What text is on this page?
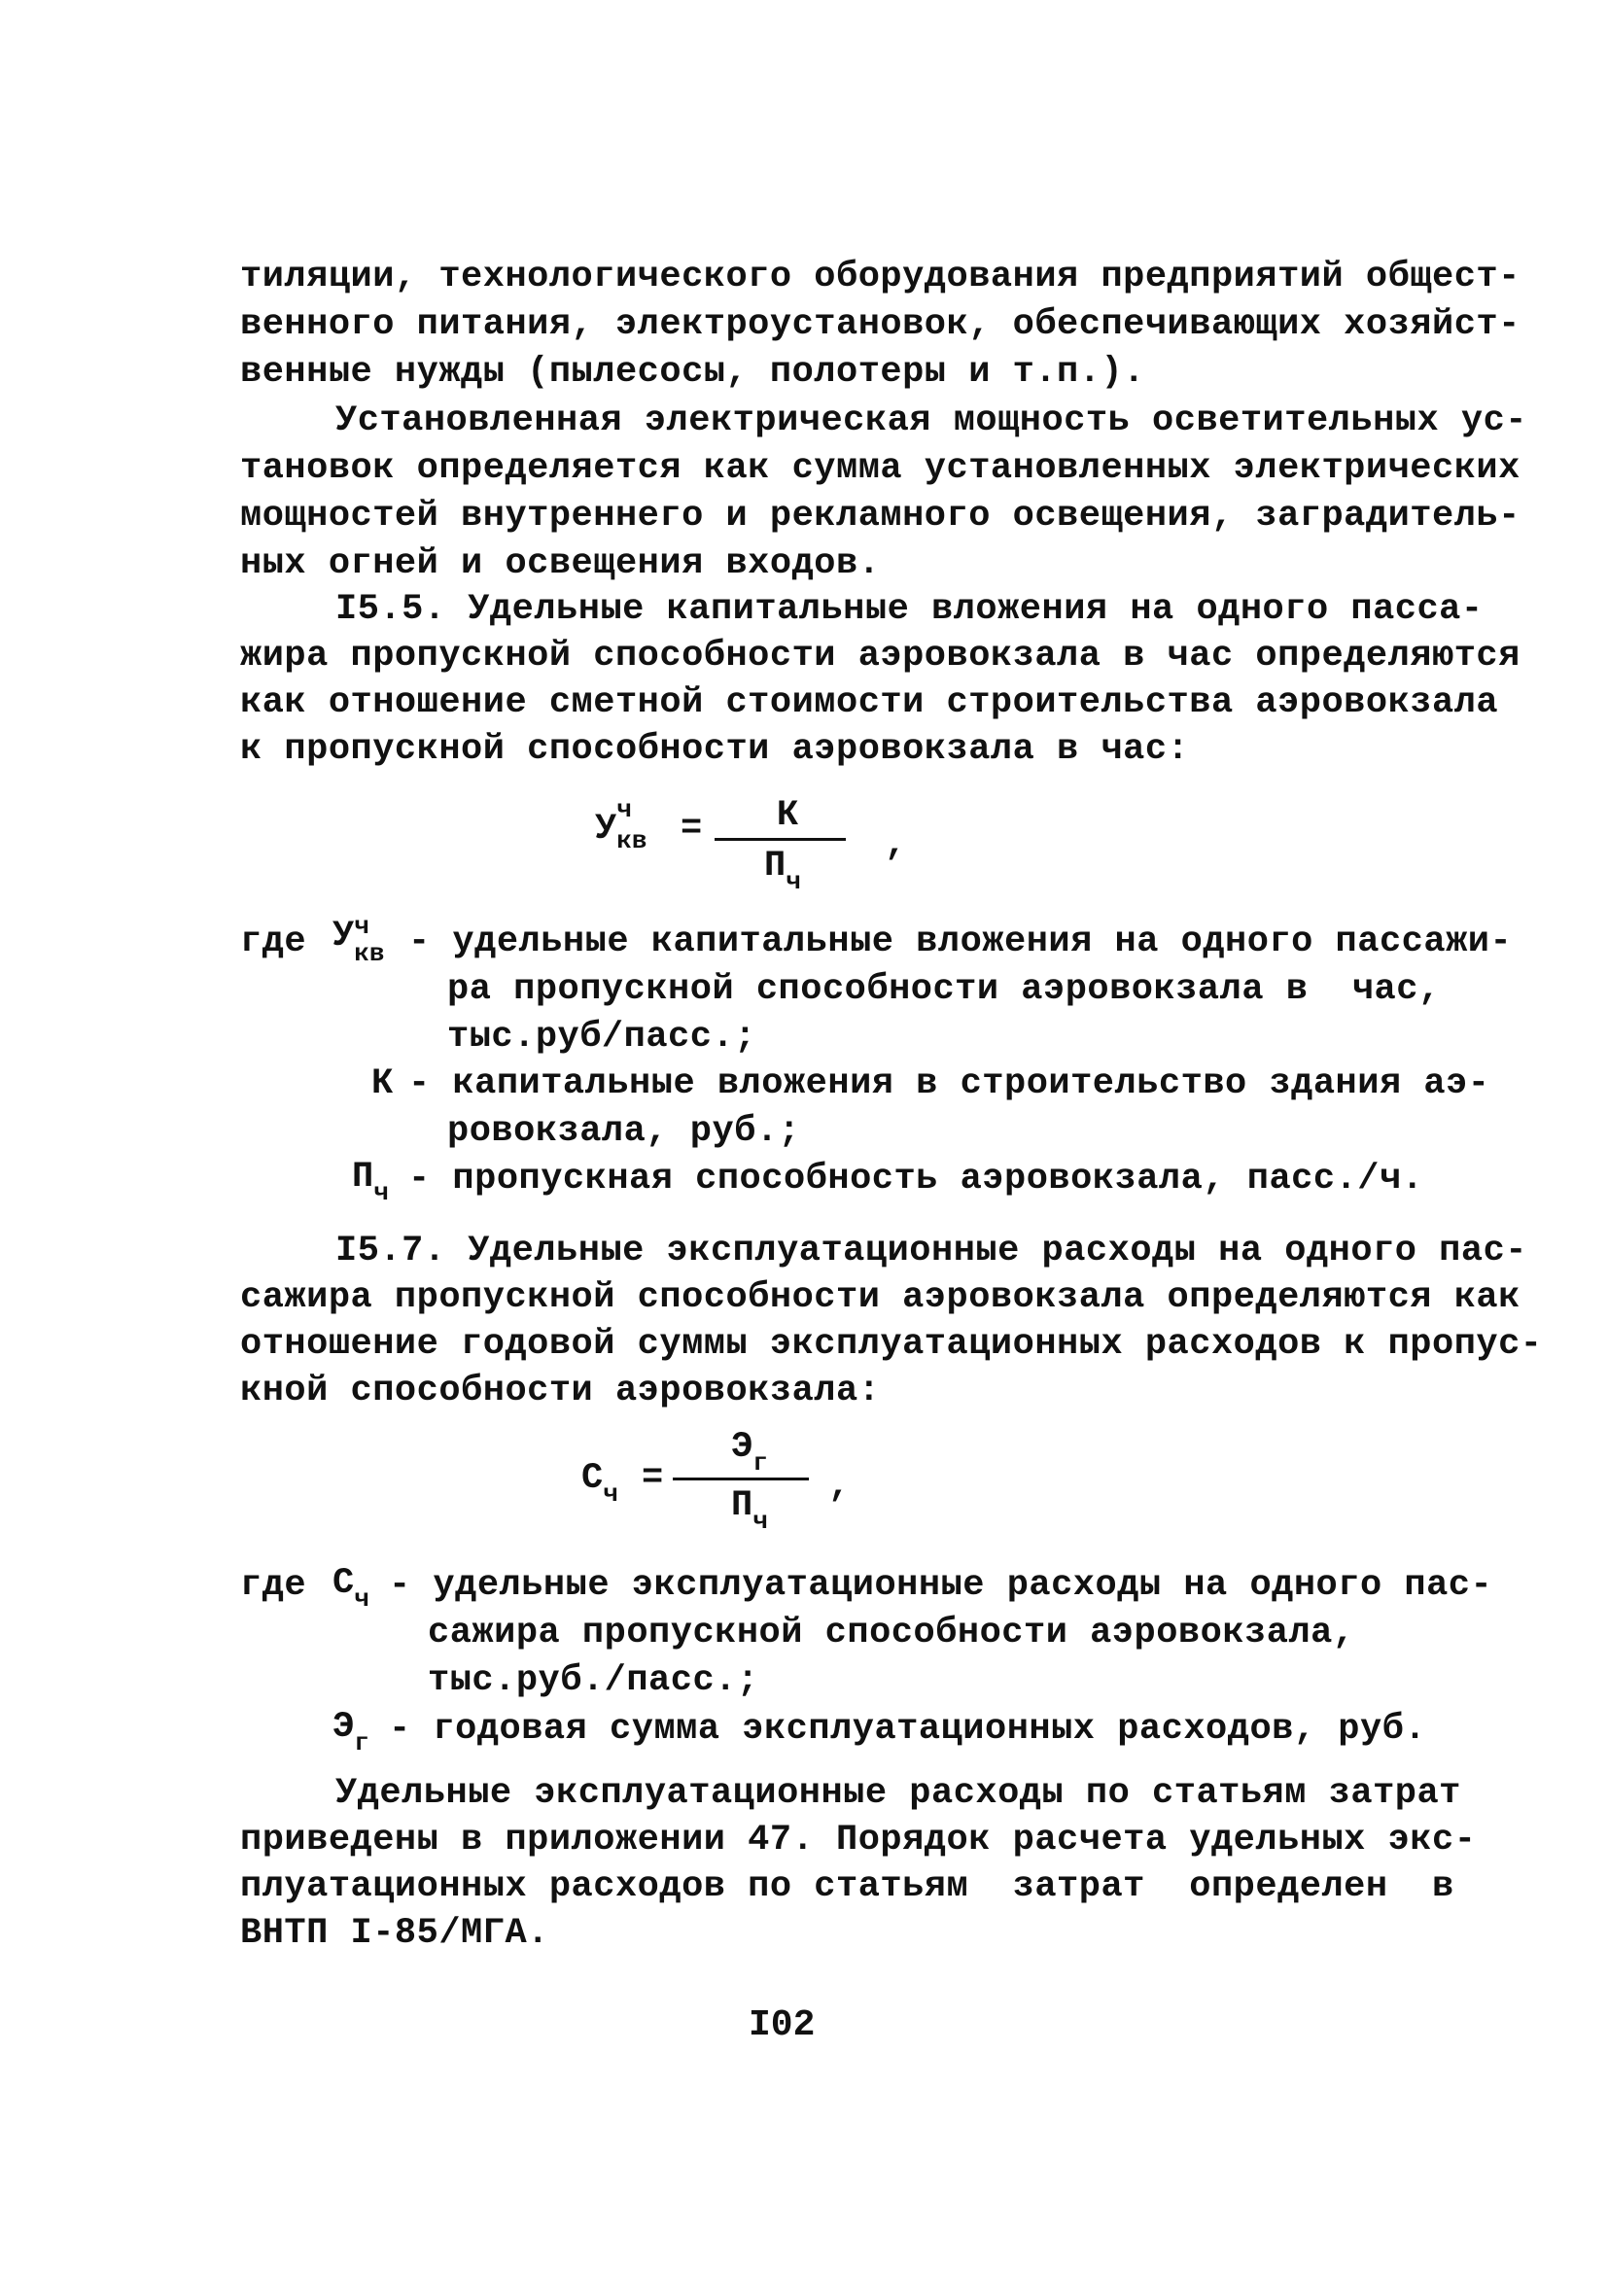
тиляции, технологического оборудования предприятий общест-
венного питания, электроустановок, обеспечивающих хозяйст-
венные нужды (пылесосы, полотеры и т.п.).
Установленная электрическая мощность осветительных ус-
тановок определяется как сумма установленных электрических
мощностей внутреннего и рекламного освещения, заградитель-
ных огней и освещения входов.
I5.5. Удельные капитальные вложения на одного пасса-
жира пропускной способности аэровокзала в час определяются
как отношение сметной стоимости строительства аэровокзала
к пропускной способности аэровокзала в час:
У ч
кв =	К
$П_ч$
,
где У ч
кв - удельные капитальные вложения на одного пассажи-
ра пропускной способности аэровокзала в  час,
тыс.руб/пасс.;
К - капитальные вложения в строительство здания аэ-
ровокзала, руб.;
$П_ч$ - пропускная способность аэровокзала, пасс./ч.
I5.7. Удельные эксплуатационные расходы на одного пас-
сажира пропускной способности аэровокзала определяются как
отношение годовой суммы эксплуатационных расходов к пропус-
кной способности аэровокзала:
$С_ч$ =
$Э_г$
$П_ч$
,
где $С_ч$ - удельные эксплуатационные расходы на одного пас-
сажира пропускной способности аэровокзала,
тыс.руб./пасс.;
$Э_г$ - годовая сумма эксплуатационных расходов, руб.
Удельные эксплуатационные расходы по статьям затрат
приведены в приложении 47. Порядок расчета удельных экс-
плуатационных расходов по статьям  затрат  определен  в
ВНТП I-85/МГА.
I02
